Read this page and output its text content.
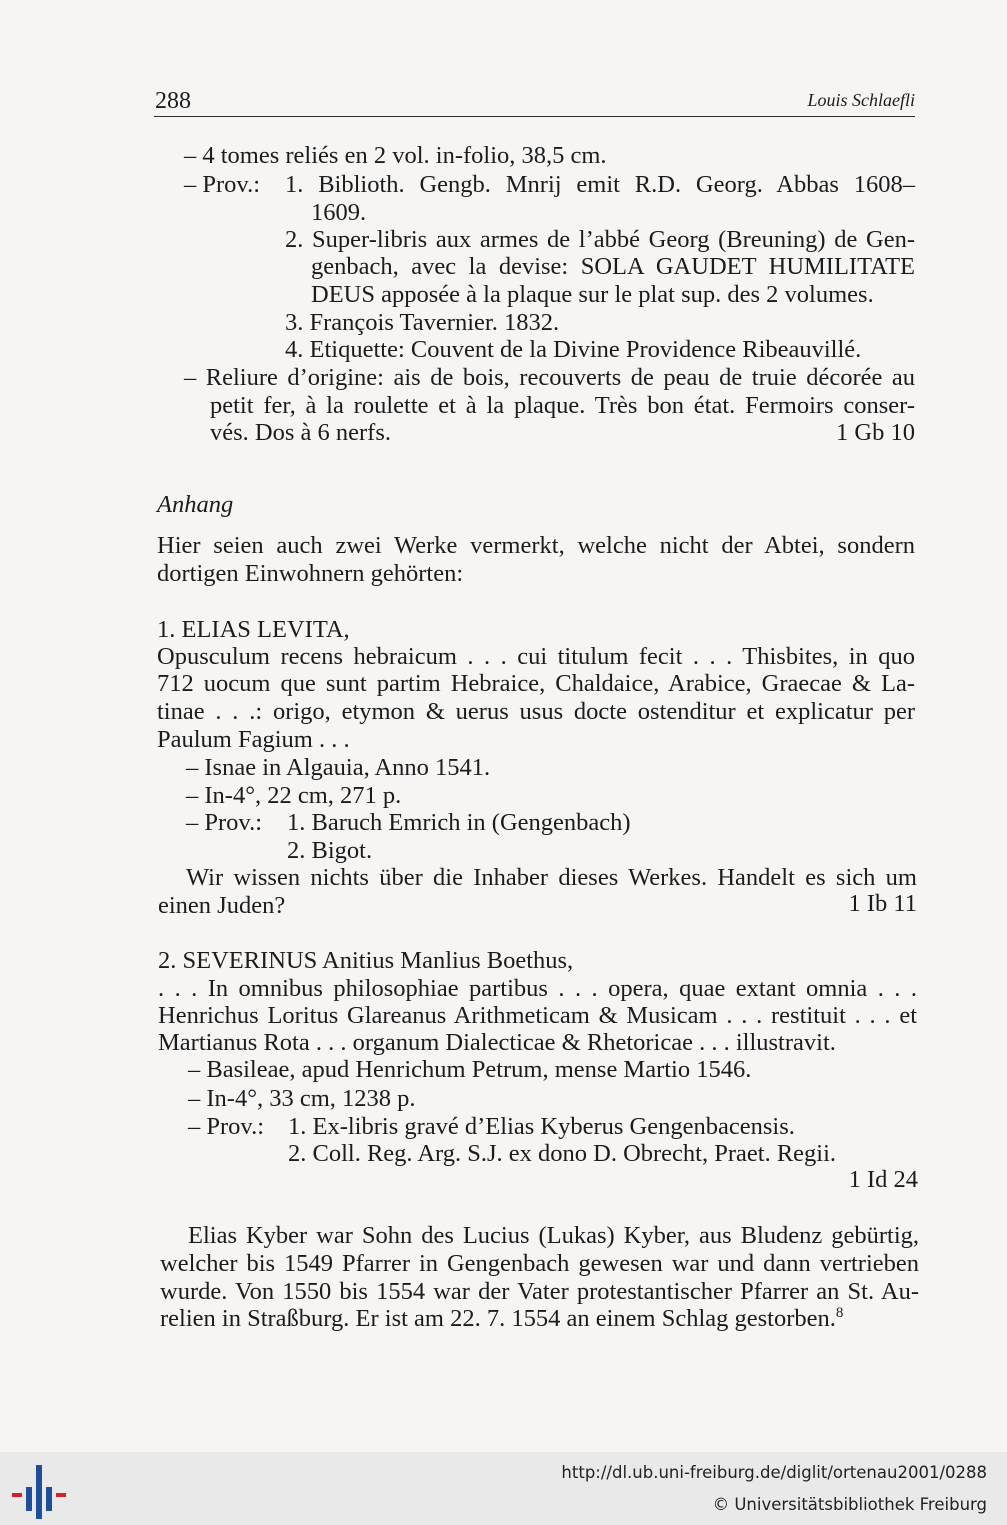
288	Louis Schlaefli
– 4 tomes reliés en 2 vol. in-folio, 38,5 cm.
– Prov.: 1. Biblioth. Gengb. Mnrij emit R.D. Georg. Abbas 1608–
1609.
2. Super-libris aux armes de l’abbé Georg (Breuning) de Gen-
genbach, avec la devise: SOLA GAUDET HUMILITATE
DEUS apposée à la plaque sur le plat sup. des 2 volumes.
3. François Tavernier. 1832.
4. Etiquette: Couvent de la Divine Providence Ribeauvillé.
– Reliure d’origine: ais de bois, recouverts de peau de truie décorée au
petit fer, à la roulette et à la plaque. Très bon état. Fermoirs conser-
vés. Dos à 6 nerfs.	1 Gb 10
Anhang
Hier seien auch zwei Werke vermerkt, welche nicht der Abtei, sondern
dortigen Einwohnern gehörten:
1. ELIAS LEVITA,
Opusculum recens hebraicum . . . cui titulum fecit . . . Thisbites, in quo
712 uocum que sunt partim Hebraice, Chaldaice, Arabice, Graecae & La-
tinae . . .: origo, etymon & uerus usus docte ostenditur et explicatur per
Paulum Fagium . . .
– Isnae in Algauia, Anno 1541.
– In-4°, 22 cm, 271 p.
– Prov.: 1. Baruch Emrich in (Gengenbach)
2. Bigot.
Wir wissen nichts über die Inhaber dieses Werkes. Handelt es sich um
einen Juden?	1 Ib 11
2. SEVERINUS Anitius Manlius Boethus,
. . . In omnibus philosophiae partibus . . . opera, quae extant omnia . . .
Henrichus Loritus Glareanus Arithmeticam & Musicam . . . restituit . . . et
Martianus Rota . . . organum Dialecticae & Rhetoricae . . . illustravit.
– Basileae, apud Henrichum Petrum, mense Martio 1546.
– In-4°, 33 cm, 1238 p.
– Prov.: 1. Ex-libris gravé d’Elias Kyberus Gengenbacensis.
2. Coll. Reg. Arg. S.J. ex dono D. Obrecht, Praet. Regii.
1 Id 24
Elias Kyber war Sohn des Lucius (Lukas) Kyber, aus Bludenz gebürtig,
welcher bis 1549 Pfarrer in Gengenbach gewesen war und dann vertrieben
wurde. Von 1550 bis 1554 war der Vater protestantischer Pfarrer an St. Au-
relien in Straßburg. Er ist am 22. 7. 1554 an einem Schlag gestorben.$^8$
http://dl.ub.uni-freiburg.de/diglit/ortenau2001/0288
© Universitätsbibliothek Freiburg
